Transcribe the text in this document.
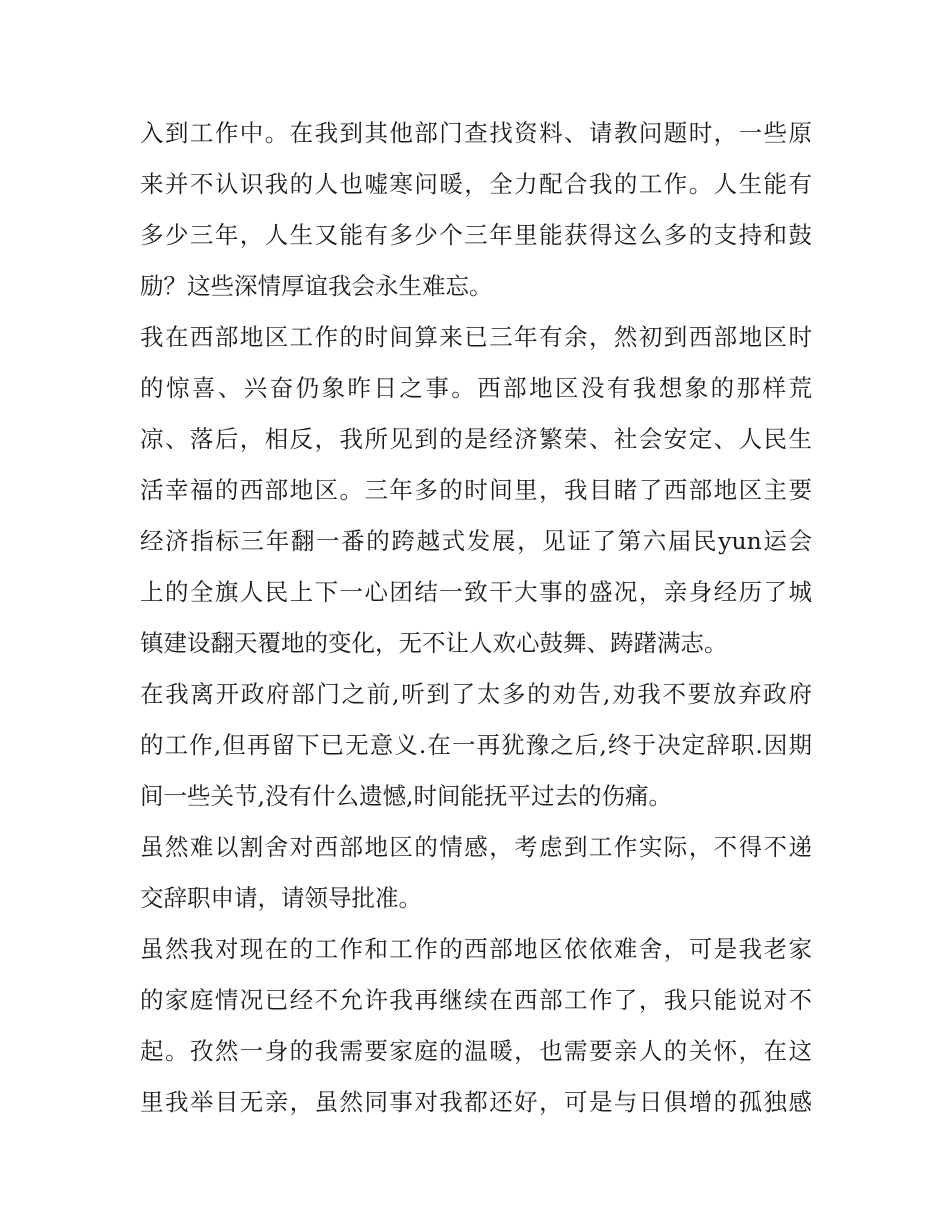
入到工作中。在我到其他部门查找资料、请教问题时，一些原
来并不认识我的人也嘘寒问暖，全力配合我的工作。人生能有
多少三年，人生又能有多少个三年里能获得这么多的支持和鼓
励？这些深情厚谊我会永生难忘。
我在西部地区工作的时间算来已三年有余，然初到西部地区时
的惊喜、兴奋仍象昨日之事。西部地区没有我想象的那样荒
凉、落后，相反，我所见到的是经济繁荣、社会安定、人民生
活幸福的西部地区。三年多的时间里，我目睹了西部地区主要
经济指标三年翻一番的跨越式发展，见证了第六届民yun运会
上的全旗人民上下一心团结一致干大事的盛况，亲身经历了城
镇建设翻天覆地的变化，无不让人欢心鼓舞、踌躇满志。
在我离开政府部门之前,听到了太多的劝告,劝我不要放弃政府
的工作,但再留下已无意义.在一再犹豫之后,终于决定辞职.因期
间一些关节,没有什么遗憾,时间能抚平过去的伤痛。
虽然难以割舍对西部地区的情感，考虑到工作实际，不得不递
交辞职申请，请领导批准。
虽然我对现在的工作和工作的西部地区依依难舍，可是我老家
的家庭情况已经不允许我再继续在西部工作了，我只能说对不
起。孜然一身的我需要家庭的温暖，也需要亲人的关怀，在这
里我举目无亲，虽然同事对我都还好，可是与日俱增的孤独感
